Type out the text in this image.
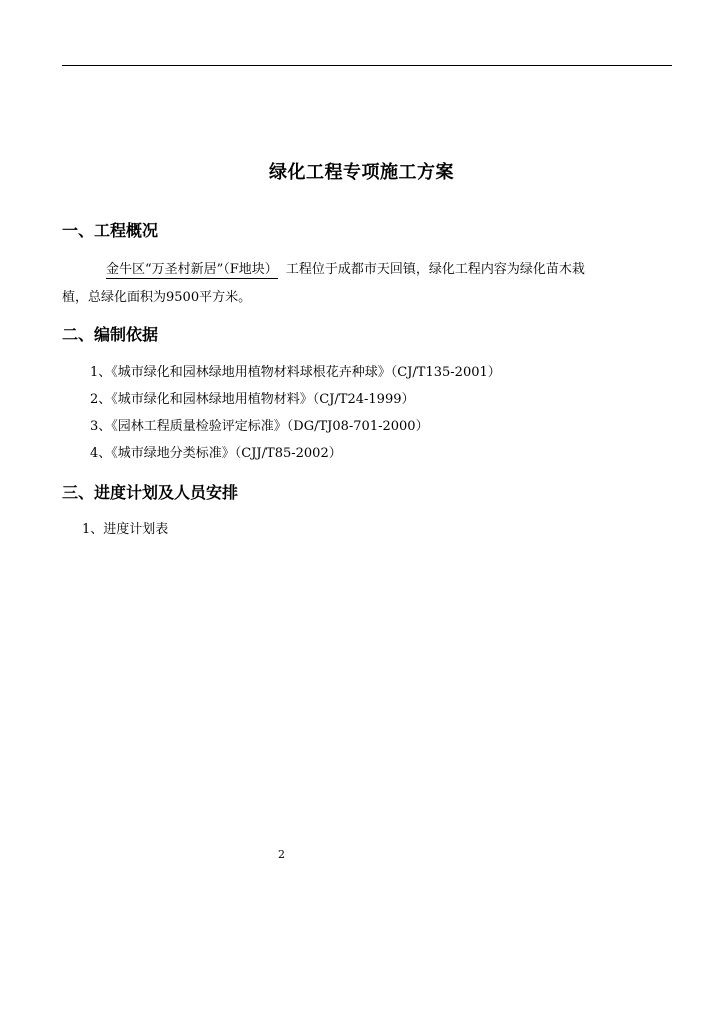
绿化工程专项施工方案
一、工程概况
金牛区“万圣村新居”（F地块） 工程位于成都市天回镇，绿化工程内容为绿化苗木栽
植，总绿化面积为9500平方米。
二、编制依据
1、《城市绿化和园林绿地用植物材料球根花卉种球》（CJ/T135-2001）
2、《城市绿化和园林绿地用植物材料》（CJ/T24-1999）
3、《园林工程质量检验评定标准》（DG/TJ08-701-2000）
4、《城市绿地分类标准》（CJJ/T85-2002）
三、进度计划及人员安排
1、进度计划表
2
